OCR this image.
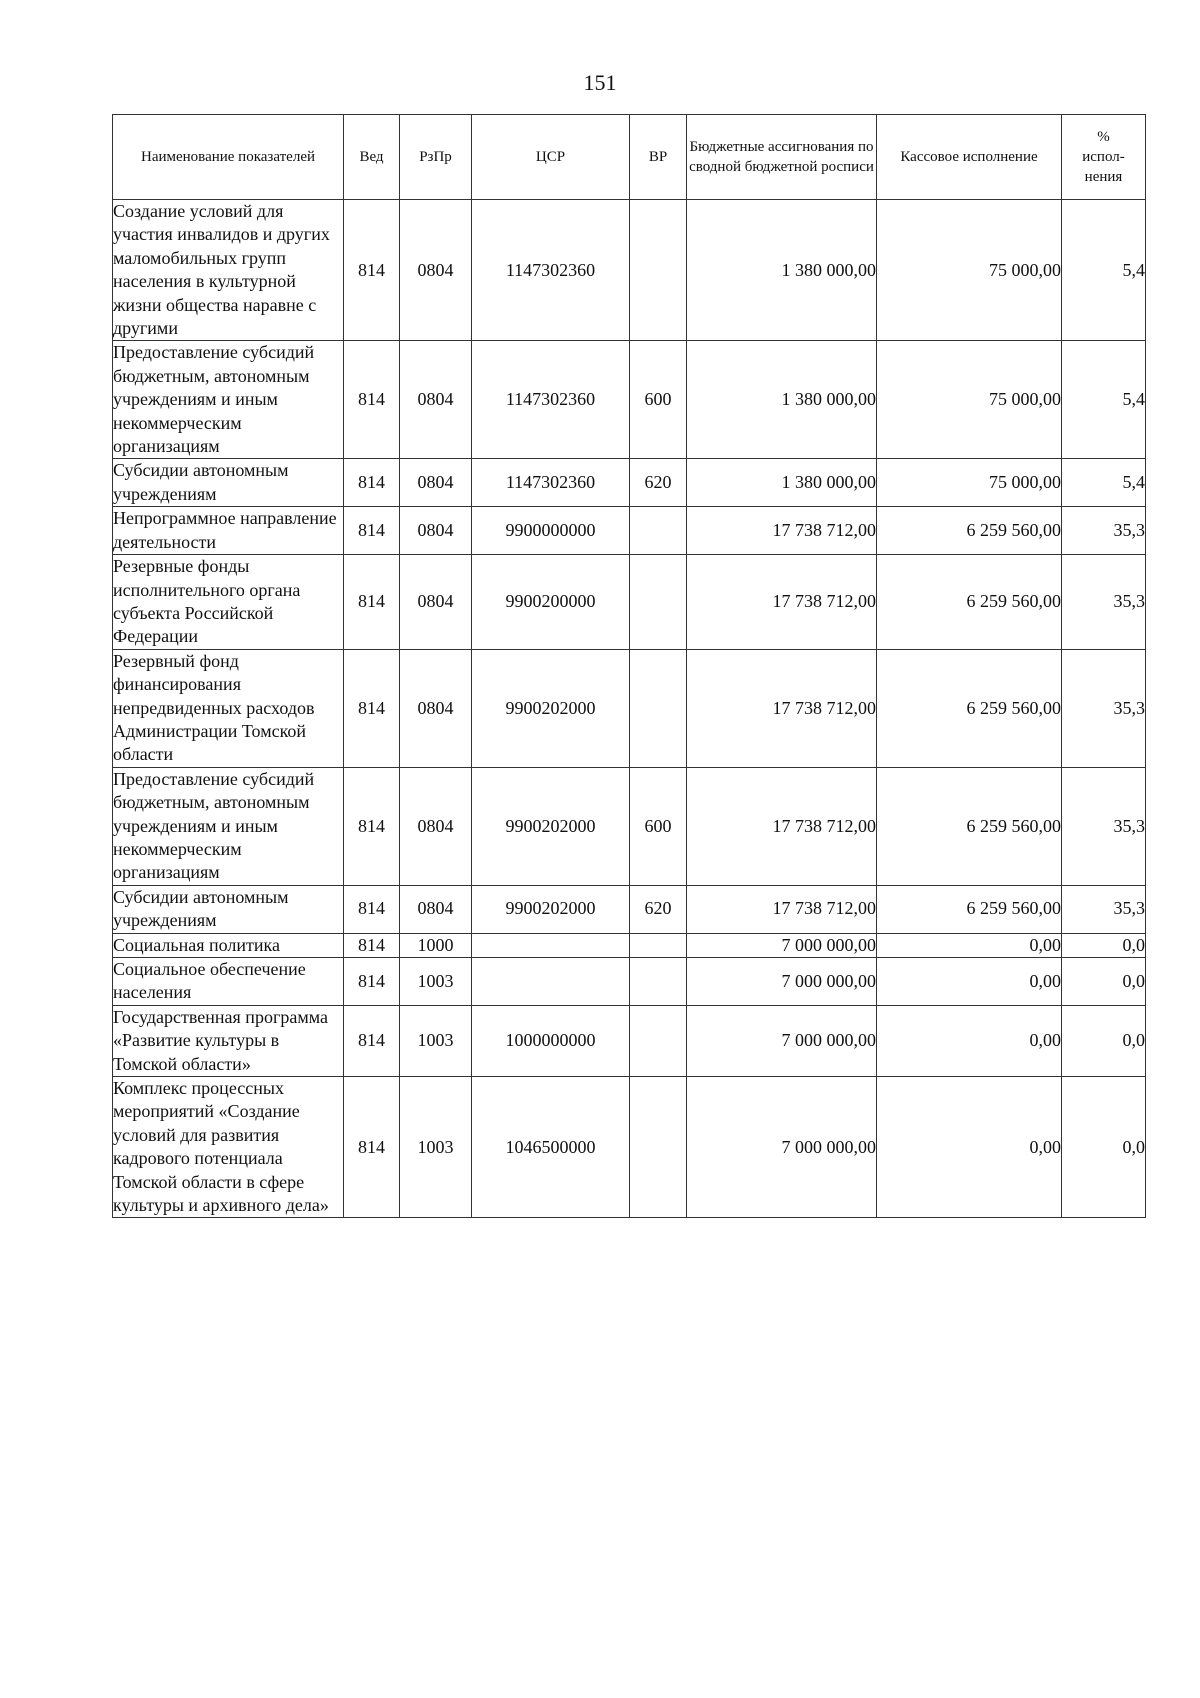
151
Наименование показателей	Вед	РзПр	ЦСР	ВР	Бюджетные ассигнования по сводной бюджетной росписи	Кассовое исполнение	% испол-нения
Создание условий для участия инвалидов и других маломобильных групп населения в культурной жизни общества наравне с другими	814	0804	1147302360		1 380 000,00	75 000,00	5,4
Предоставление субсидий бюджетным, автономным учреждениям и иным некоммерческим организациям	814	0804	1147302360	600	1 380 000,00	75 000,00	5,4
Субсидии автономным учреждениям	814	0804	1147302360	620	1 380 000,00	75 000,00	5,4
Непрограммное направление деятельности	814	0804	9900000000		17 738 712,00	6 259 560,00	35,3
Резервные фонды исполнительного органа субъекта Российской Федерации	814	0804	9900200000		17 738 712,00	6 259 560,00	35,3
Резервный фонд финансирования непредвиденных расходов Администрации Томской области	814	0804	9900202000		17 738 712,00	6 259 560,00	35,3
Предоставление субсидий бюджетным, автономным учреждениям и иным некоммерческим организациям	814	0804	9900202000	600	17 738 712,00	6 259 560,00	35,3
Субсидии автономным учреждениям	814	0804	9900202000	620	17 738 712,00	6 259 560,00	35,3
Социальная политика	814	1000			7 000 000,00	0,00	0,0
Социальное обеспечение населения	814	1003			7 000 000,00	0,00	0,0
Государственная программа «Развитие культуры в Томской области»	814	1003	1000000000		7 000 000,00	0,00	0,0
Комплекс процессных мероприятий «Создание условий для развития кадрового потенциала Томской области в сфере культуры и архивного дела»	814	1003	1046500000		7 000 000,00	0,00	0,0
